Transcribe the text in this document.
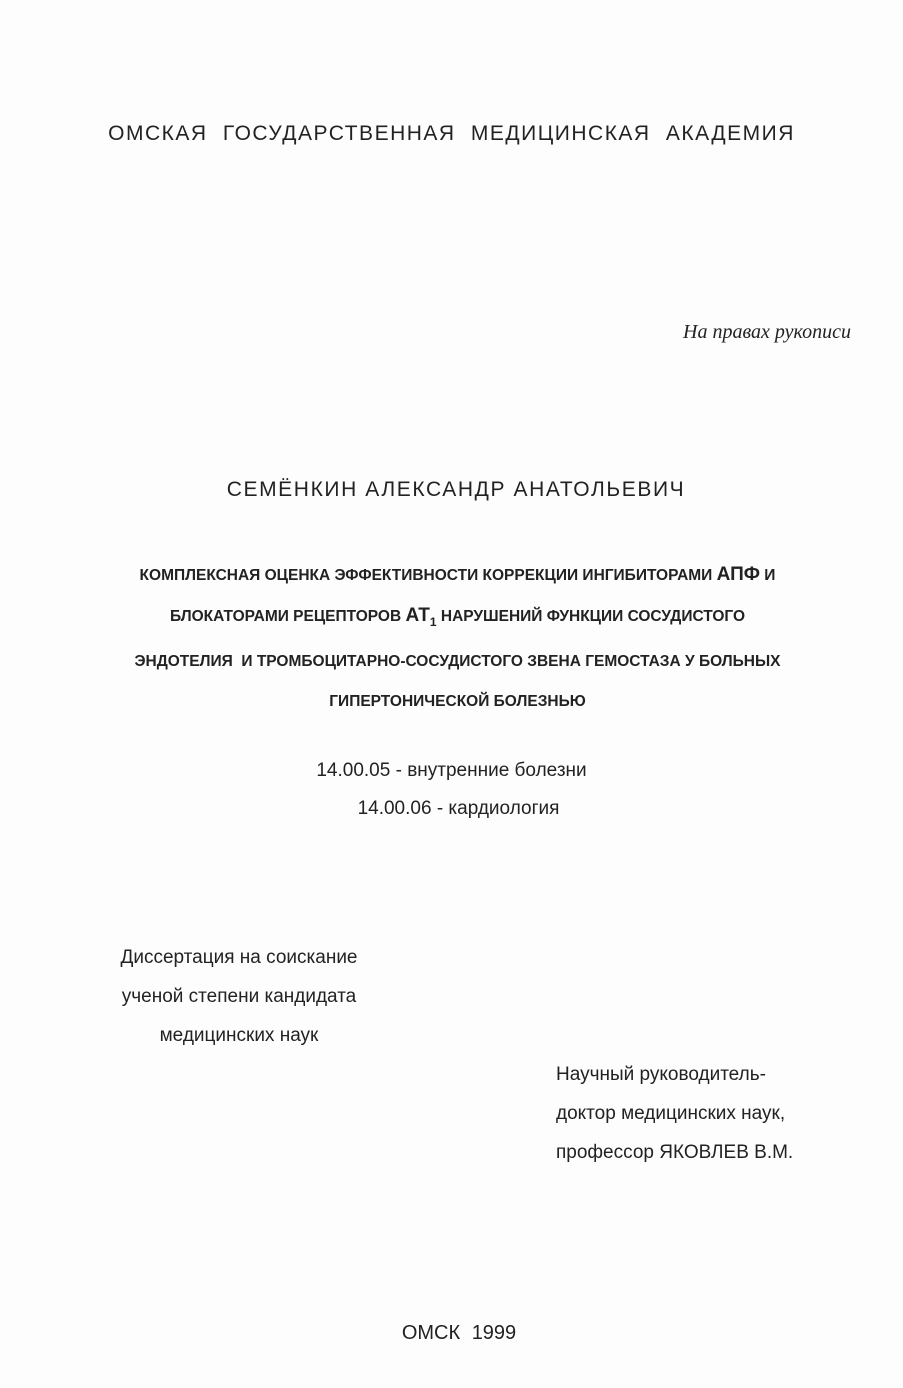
ОМСКАЯ ГОСУДАРСТВЕННАЯ МЕДИЦИНСКАЯ АКАДЕМИЯ
На правах рукописи
СЕМЁНКИН АЛЕКСАНДР АНАТОЛЬЕВИЧ
КОМПЛЕКСНАЯ ОЦЕНКА ЭФФЕКТИВНОСТИ КОРРЕКЦИИ ИНГИБИТОРАМИ АПФ И
БЛОКАТОРАМИ РЕЦЕПТОРОВ $АТ_1$ НАРУШЕНИЙ ФУНКЦИИ СОСУДИСТОГО
ЭНДОТЕЛИЯ  И ТРОМБОЦИТАРНО-СОСУДИСТОГО ЗВЕНА ГЕМОСТАЗА У БОЛЬНЫХ
ГИПЕРТОНИЧЕСКОЙ БОЛЕЗНЬЮ
14.00.05 - внутренние болезни
14.00.06 - кардиология
Диссертация на соискание
ученой степени кандидата
медицинских наук
Научный руководитель-
доктор медицинских наук,
профессор ЯКОВЛЕВ В.М.
ОМСК 1999
